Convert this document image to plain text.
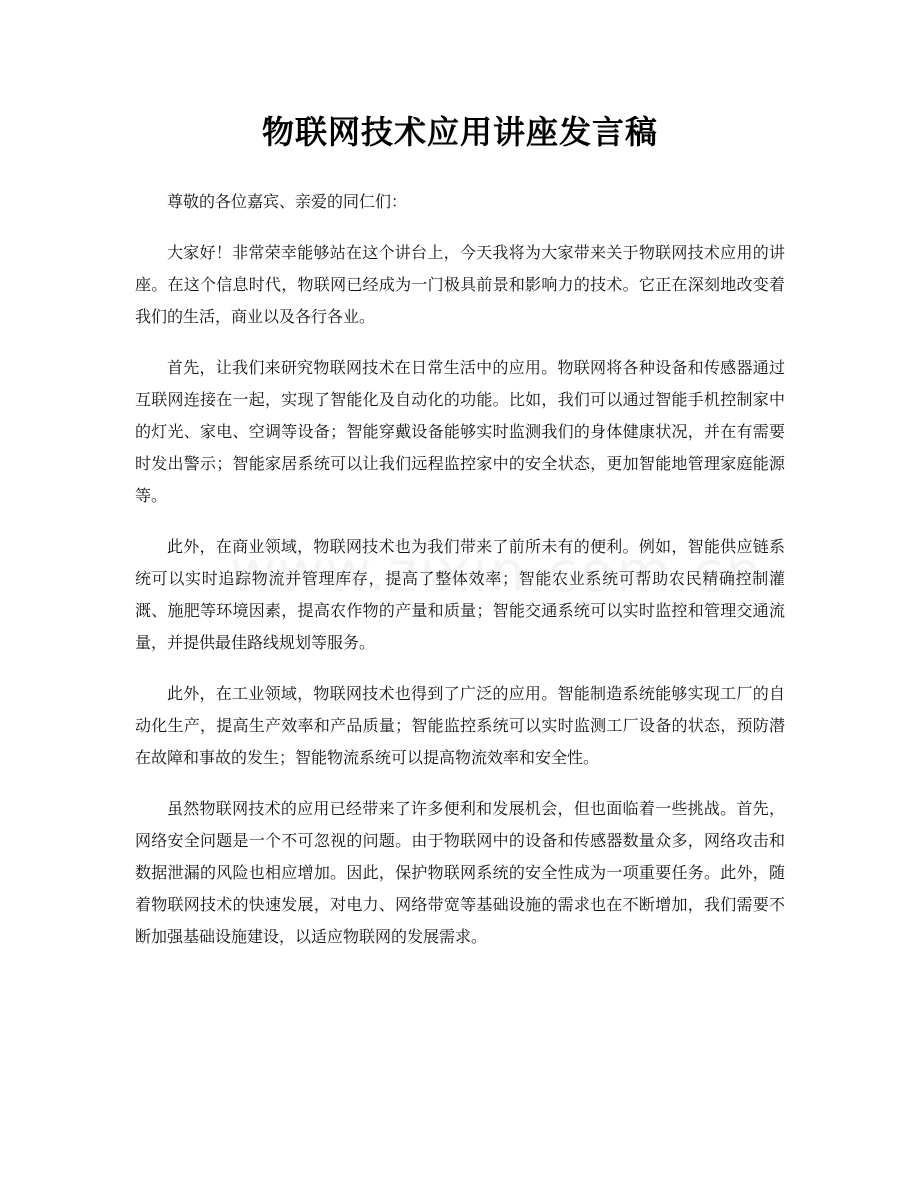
物联网技术应用讲座发言稿

尊敬的各位嘉宾、亲爱的同仁们：

大家好！非常荣幸能够站在这个讲台上，今天我将为大家带来关于物联网技术应用的讲座。在这个信息时代，物联网已经成为一门极具前景和影响力的技术。它正在深刻地改变着我们的生活，商业以及各行各业。

首先，让我们来研究物联网技术在日常生活中的应用。物联网将各种设备和传感器通过互联网连接在一起，实现了智能化及自动化的功能。比如，我们可以通过智能手机控制家中的灯光、家电、空调等设备；智能穿戴设备能够实时监测我们的身体健康状况，并在有需要时发出警示；智能家居系统可以让我们远程监控家中的安全状态，更加智能地管理家庭能源等。

此外，在商业领域，物联网技术也为我们带来了前所未有的便利。例如，智能供应链系统可以实时追踪物流并管理库存，提高了整体效率；智能农业系统可帮助农民精确控制灌溉、施肥等环境因素，提高农作物的产量和质量；智能交通系统可以实时监控和管理交通流量，并提供最佳路线规划等服务。

此外，在工业领域，物联网技术也得到了广泛的应用。智能制造系统能够实现工厂的自动化生产，提高生产效率和产品质量；智能监控系统可以实时监测工厂设备的状态，预防潜在故障和事故的发生；智能物流系统可以提高物流效率和安全性。

虽然物联网技术的应用已经带来了许多便利和发展机会，但也面临着一些挑战。首先，网络安全问题是一个不可忽视的问题。由于物联网中的设备和传感器数量众多，网络攻击和数据泄漏的风险也相应增加。因此，保护物联网系统的安全性成为一项重要任务。此外，随着物联网技术的快速发展，对电力、网络带宽等基础设施的需求也在不断增加，我们需要不断加强基础设施建设，以适应物联网的发展需求。
